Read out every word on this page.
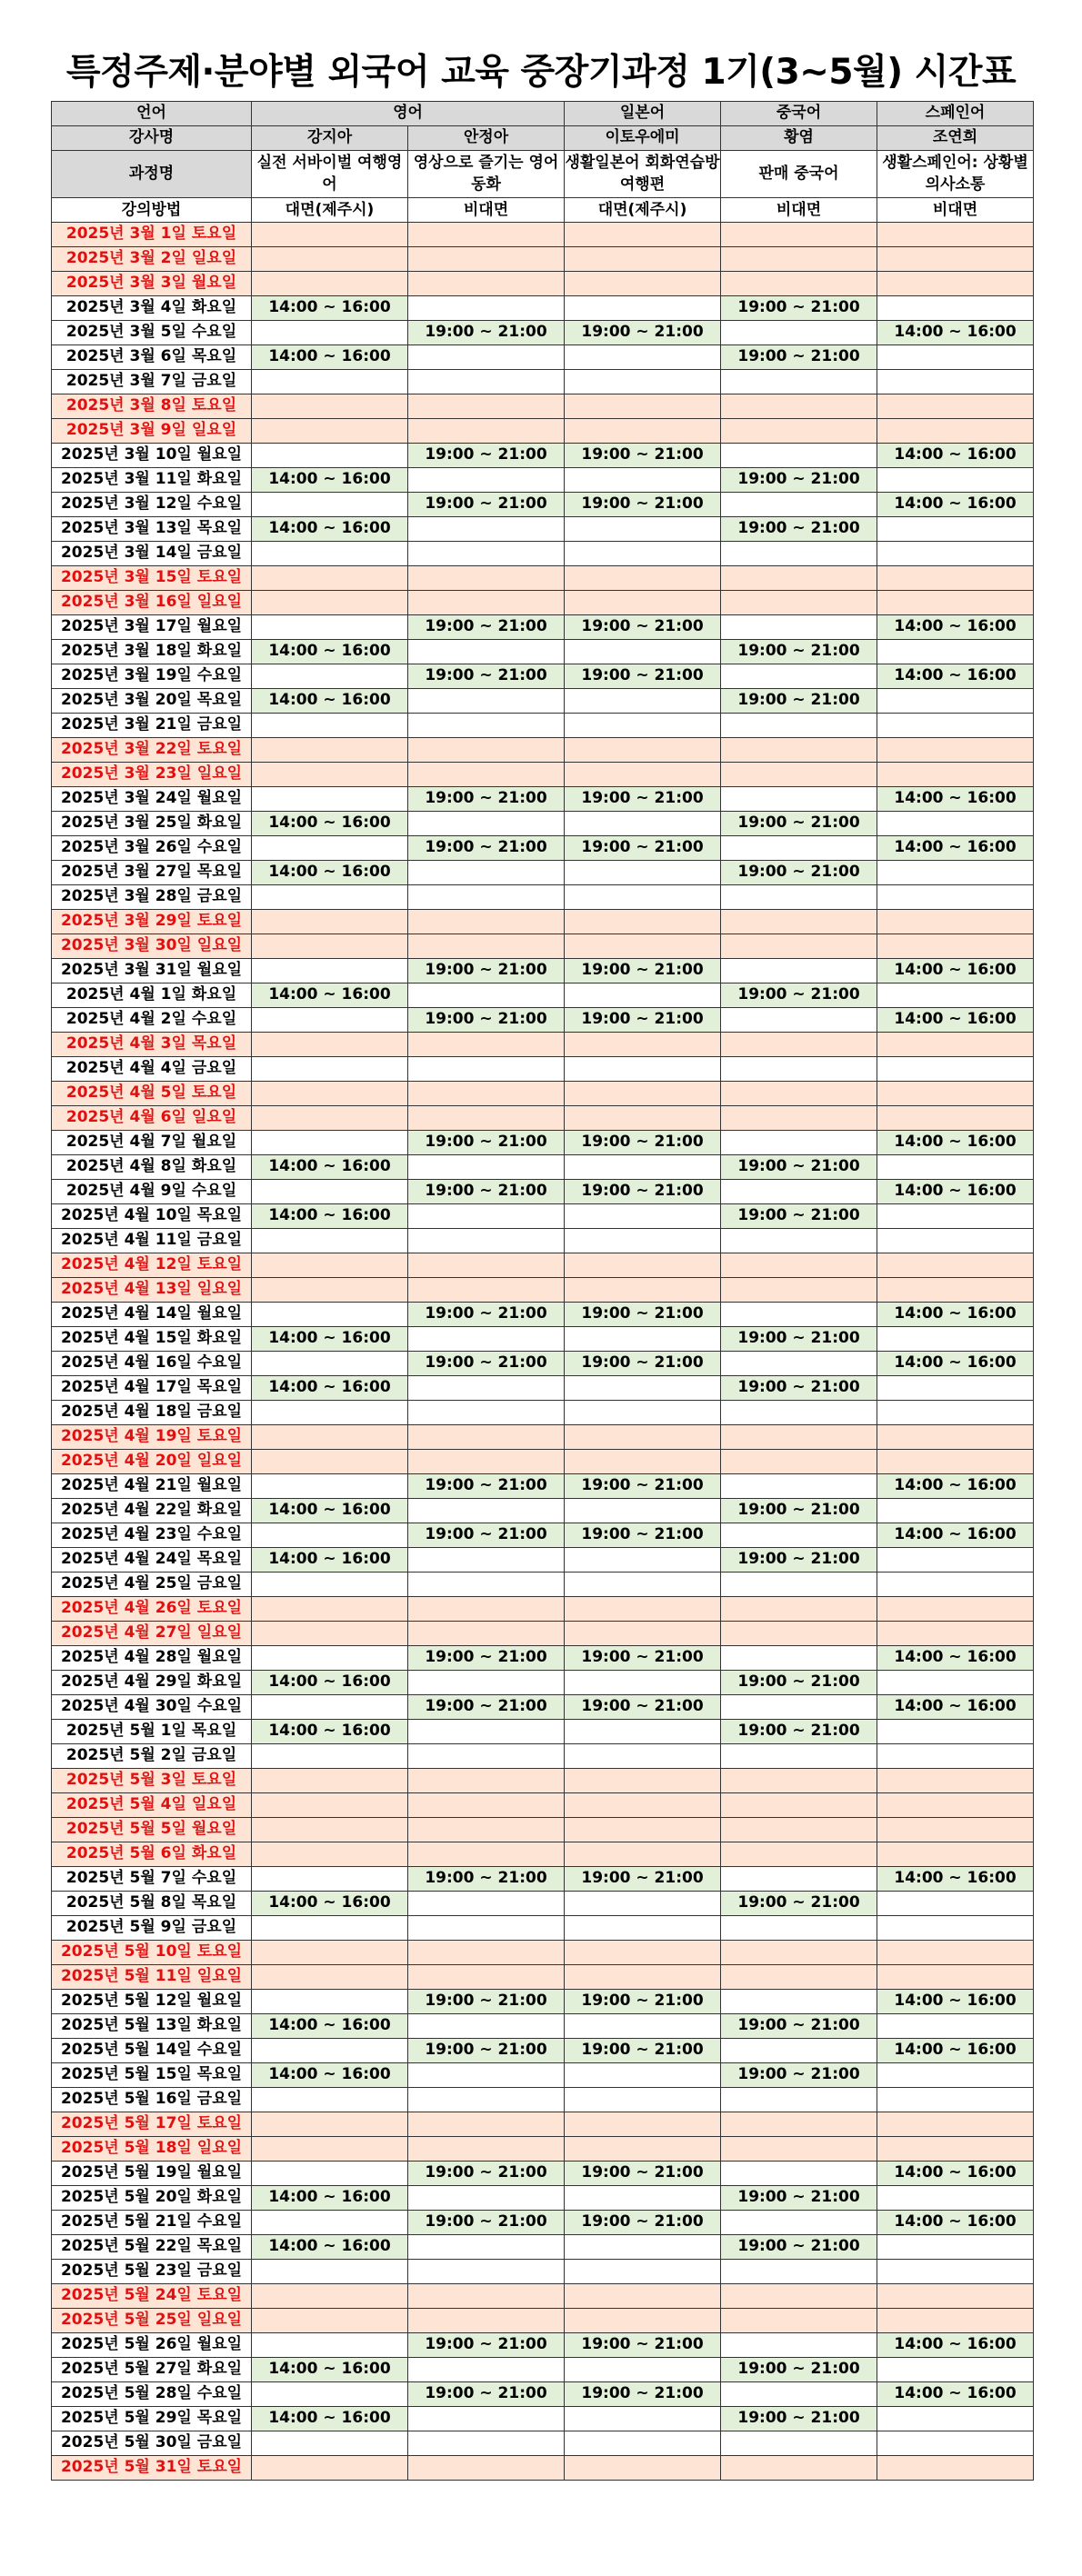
특정주제·분야별 외국어 교육 중장기과정 1기(3~5월) 시간표
언어	영어		일본어	중국어	스페인어
강사명	강지아	안정아	이토우에미	황염	조연희
과정명	실전 서바이벌 여행영어	영상으로 즐기는 영어동화	생활일본어 회화연습방 여행편	판매 중국어	생활스페인어: 상황별 의사소통
강의방법	대면(제주시)	비대면	대면(제주시)	비대면	비대면
2025년 3월 1일 토요일					
2025년 3월 2일 일요일					
2025년 3월 3일 월요일					
2025년 3월 4일 화요일	14:00 ~ 16:00			19:00 ~ 21:00	
2025년 3월 5일 수요일		19:00 ~ 21:00	19:00 ~ 21:00		14:00 ~ 16:00
2025년 3월 6일 목요일	14:00 ~ 16:00			19:00 ~ 21:00	
2025년 3월 7일 금요일					
2025년 3월 8일 토요일					
2025년 3월 9일 일요일					
2025년 3월 10일 월요일		19:00 ~ 21:00	19:00 ~ 21:00		14:00 ~ 16:00
2025년 3월 11일 화요일	14:00 ~ 16:00			19:00 ~ 21:00	
2025년 3월 12일 수요일		19:00 ~ 21:00	19:00 ~ 21:00		14:00 ~ 16:00
2025년 3월 13일 목요일	14:00 ~ 16:00			19:00 ~ 21:00	
2025년 3월 14일 금요일					
2025년 3월 15일 토요일					
2025년 3월 16일 일요일					
2025년 3월 17일 월요일		19:00 ~ 21:00	19:00 ~ 21:00		14:00 ~ 16:00
2025년 3월 18일 화요일	14:00 ~ 16:00			19:00 ~ 21:00	
2025년 3월 19일 수요일		19:00 ~ 21:00	19:00 ~ 21:00		14:00 ~ 16:00
2025년 3월 20일 목요일	14:00 ~ 16:00			19:00 ~ 21:00	
2025년 3월 21일 금요일					
2025년 3월 22일 토요일					
2025년 3월 23일 일요일					
2025년 3월 24일 월요일		19:00 ~ 21:00	19:00 ~ 21:00		14:00 ~ 16:00
2025년 3월 25일 화요일	14:00 ~ 16:00			19:00 ~ 21:00	
2025년 3월 26일 수요일		19:00 ~ 21:00	19:00 ~ 21:00		14:00 ~ 16:00
2025년 3월 27일 목요일	14:00 ~ 16:00			19:00 ~ 21:00	
2025년 3월 28일 금요일					
2025년 3월 29일 토요일					
2025년 3월 30일 일요일					
2025년 3월 31일 월요일		19:00 ~ 21:00	19:00 ~ 21:00		14:00 ~ 16:00
2025년 4월 1일 화요일	14:00 ~ 16:00			19:00 ~ 21:00	
2025년 4월 2일 수요일		19:00 ~ 21:00	19:00 ~ 21:00		14:00 ~ 16:00
2025년 4월 3일 목요일					
2025년 4월 4일 금요일					
2025년 4월 5일 토요일					
2025년 4월 6일 일요일					
2025년 4월 7일 월요일		19:00 ~ 21:00	19:00 ~ 21:00		14:00 ~ 16:00
2025년 4월 8일 화요일	14:00 ~ 16:00			19:00 ~ 21:00	
2025년 4월 9일 수요일		19:00 ~ 21:00	19:00 ~ 21:00		14:00 ~ 16:00
2025년 4월 10일 목요일	14:00 ~ 16:00			19:00 ~ 21:00	
2025년 4월 11일 금요일					
2025년 4월 12일 토요일					
2025년 4월 13일 일요일					
2025년 4월 14일 월요일		19:00 ~ 21:00	19:00 ~ 21:00		14:00 ~ 16:00
2025년 4월 15일 화요일	14:00 ~ 16:00			19:00 ~ 21:00	
2025년 4월 16일 수요일		19:00 ~ 21:00	19:00 ~ 21:00		14:00 ~ 16:00
2025년 4월 17일 목요일	14:00 ~ 16:00			19:00 ~ 21:00	
2025년 4월 18일 금요일					
2025년 4월 19일 토요일					
2025년 4월 20일 일요일					
2025년 4월 21일 월요일		19:00 ~ 21:00	19:00 ~ 21:00		14:00 ~ 16:00
2025년 4월 22일 화요일	14:00 ~ 16:00			19:00 ~ 21:00	
2025년 4월 23일 수요일		19:00 ~ 21:00	19:00 ~ 21:00		14:00 ~ 16:00
2025년 4월 24일 목요일	14:00 ~ 16:00			19:00 ~ 21:00	
2025년 4월 25일 금요일					
2025년 4월 26일 토요일					
2025년 4월 27일 일요일					
2025년 4월 28일 월요일		19:00 ~ 21:00	19:00 ~ 21:00		14:00 ~ 16:00
2025년 4월 29일 화요일	14:00 ~ 16:00			19:00 ~ 21:00	
2025년 4월 30일 수요일		19:00 ~ 21:00	19:00 ~ 21:00		14:00 ~ 16:00
2025년 5월 1일 목요일	14:00 ~ 16:00			19:00 ~ 21:00	
2025년 5월 2일 금요일					
2025년 5월 3일 토요일					
2025년 5월 4일 일요일					
2025년 5월 5일 월요일					
2025년 5월 6일 화요일					
2025년 5월 7일 수요일		19:00 ~ 21:00	19:00 ~ 21:00		14:00 ~ 16:00
2025년 5월 8일 목요일	14:00 ~ 16:00			19:00 ~ 21:00	
2025년 5월 9일 금요일					
2025년 5월 10일 토요일					
2025년 5월 11일 일요일					
2025년 5월 12일 월요일		19:00 ~ 21:00	19:00 ~ 21:00		14:00 ~ 16:00
2025년 5월 13일 화요일	14:00 ~ 16:00			19:00 ~ 21:00	
2025년 5월 14일 수요일		19:00 ~ 21:00	19:00 ~ 21:00		14:00 ~ 16:00
2025년 5월 15일 목요일	14:00 ~ 16:00			19:00 ~ 21:00	
2025년 5월 16일 금요일					
2025년 5월 17일 토요일					
2025년 5월 18일 일요일					
2025년 5월 19일 월요일		19:00 ~ 21:00	19:00 ~ 21:00		14:00 ~ 16:00
2025년 5월 20일 화요일	14:00 ~ 16:00			19:00 ~ 21:00	
2025년 5월 21일 수요일		19:00 ~ 21:00	19:00 ~ 21:00		14:00 ~ 16:00
2025년 5월 22일 목요일	14:00 ~ 16:00			19:00 ~ 21:00	
2025년 5월 23일 금요일					
2025년 5월 24일 토요일					
2025년 5월 25일 일요일					
2025년 5월 26일 월요일		19:00 ~ 21:00	19:00 ~ 21:00		14:00 ~ 16:00
2025년 5월 27일 화요일	14:00 ~ 16:00			19:00 ~ 21:00	
2025년 5월 28일 수요일		19:00 ~ 21:00	19:00 ~ 21:00		14:00 ~ 16:00
2025년 5월 29일 목요일	14:00 ~ 16:00			19:00 ~ 21:00	
2025년 5월 30일 금요일					
2025년 5월 31일 토요일					
